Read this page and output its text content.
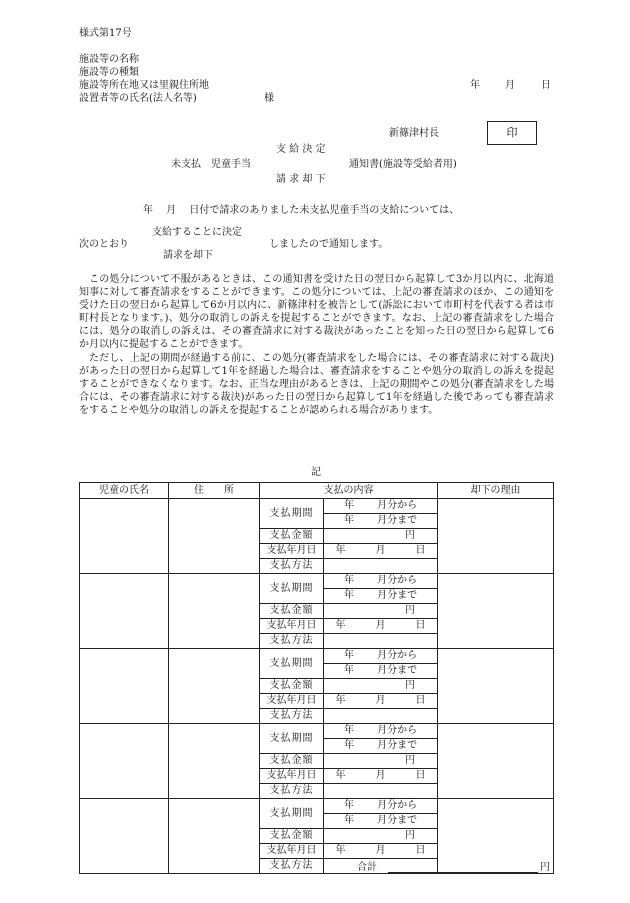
様式第17号
施設等の名称
施設等の種類
施設等所在地又は里親住所地
設置者等の氏名(法人名等)	様
年	月	日
新篠津村長	印
支 給 決 定
未支払　児童手当	通知書(施設等受給者用)
請 求 却 下
年　 月　 日付で請求のありました未支払児童手当の支給については、
支給することに決定
次のとおり	しましたので通知します。
請求を却下

この処分について不服があるときは、この通知書を受けた日の翌日から起算して3か月以内に、北海道知事に対して審査請求をすることができます。この処分については、上記の審査請求のほか、この通知を受けた日の翌日から起算して6か月以内に、新篠津村を被告として(訴訟において市町村を代表する者は市町村長となります。)、処分の取消しの訴えを提起することができます。なお、上記の審査請求をした場合には、処分の取消しの訴えは、その審査請求に対する裁決があったことを知った日の翌日から起算して6か月以内に提起することができます。

ただし、上記の期間が経過する前に、この処分(審査請求をした場合には、その審査請求に対する裁決)があった日の翌日から起算して1年を経過した場合は、審査請求をすることや処分の取消しの訴えを提起することができなくなります。なお、正当な理由があるときは、上記の期間やこの処分(審査請求をした場合には、その審査請求に対する裁決)があった日の翌日から起算して1年を経過した後であっても審査請求をすることや処分の取消しの訴えを提起することが認められる場合があります。

記
児童の氏名	住　　所	支払の内容		却下の理由
		支払期間	年　　 月分から	
			年　　 月分まで	
		支払金額	円	
		支払年月日	年　　　月　　　日	
		支払方法		
		支払期間	年　　 月分から	
			年　　 月分まで	
		支払金額	円	
		支払年月日	年　　　月　　　日	
		支払方法		
		支払期間	年　　 月分から	
			年　　 月分まで	
		支払金額	円	
		支払年月日	年　　　月　　　日	
		支払方法		
		支払期間	年　　 月分から	
			年　　 月分まで	
		支払金額	円	
		支払年月日	年　　　月　　　日	
		支払方法		
		支払期間	年　　 月分から	
			年　　 月分まで	
		支払金額	円	
		支払年月日	年　　　月　　　日	
		支払方法			合計	円
